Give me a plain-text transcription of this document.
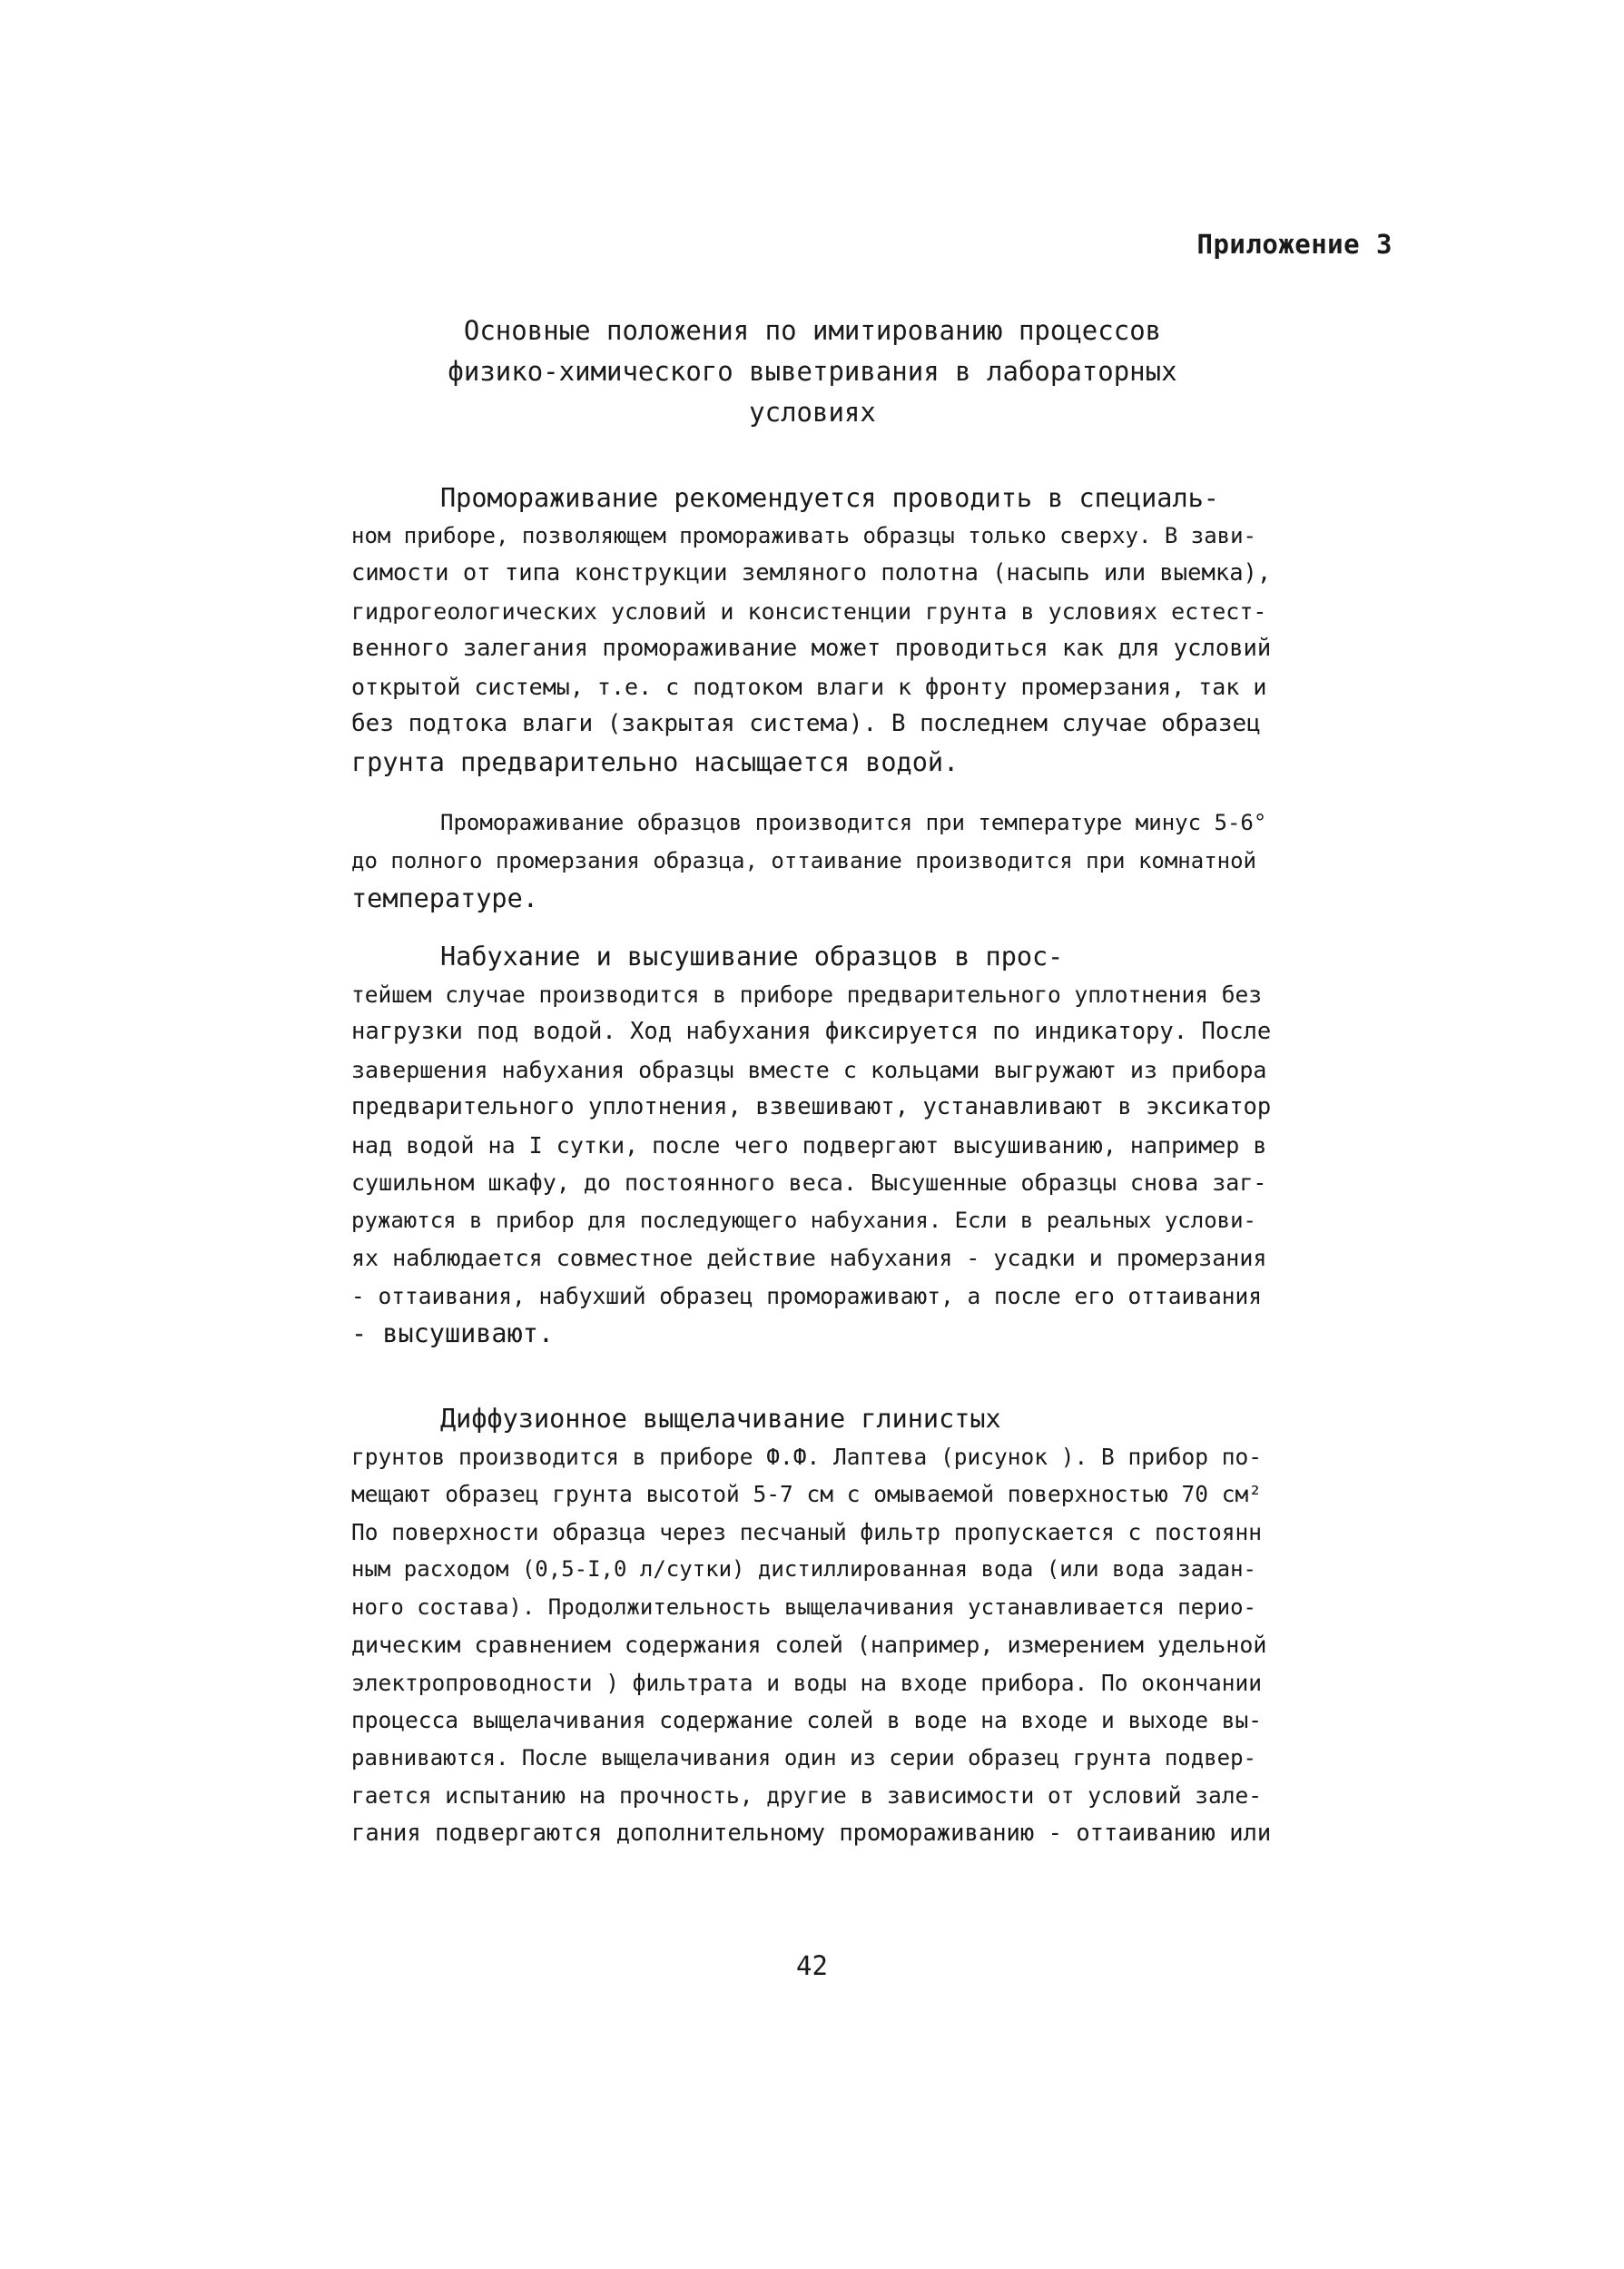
Приложение 3
Основные положения по имитированию процессов
физико-химического выветривания в лабораторных
условиях
Промораживание рекомендуется проводить в специаль-
ном приборе, позволяющем промораживать образцы только сверху. В зави-
симости от типа конструкции земляного полотна (насыпь или выемка),
гидрогеологических условий и консистенции грунта в условиях естест-
венного залегания промораживание может проводиться как для условий
открытой системы, т.е. с подтоком влаги к фронту промерзания, так и
без подтока влаги (закрытая система). В последнем случае образец
грунта предварительно насыщается водой.
Промораживание образцов производится при температуре минус 5-6°
до полного промерзания образца, оттаивание производится при комнатной
температуре.
Набухание и высушивание образцов в прос-
тейшем случае производится в приборе предварительного уплотнения без
нагрузки под водой. Ход набухания фиксируется по индикатору. После
завершения набухания образцы вместе с кольцами выгружают из прибора
предварительного уплотнения, взвешивают, устанавливают в эксикатор
над водой на I сутки, после чего подвергают высушиванию, например в
сушильном шкафу, до постоянного веса. Высушенные образцы снова заг-
ружаются в прибор для последующего набухания. Если в реальных услови-
ях наблюдается совместное действие набухания - усадки и промерзания
- оттаивания, набухший образец промораживают, а после его оттаивания
- высушивают.
Диффузионное выщелачивание глинистых
грунтов производится в приборе Ф.Ф. Лаптева (рисунок ). В прибор по-
мещают образец грунта высотой 5-7 см с омываемой поверхностью 70 см²
По поверхности образца через песчаный фильтр пропускается с постоянн
ным расходом (0,5-I,0 л/сутки) дистиллированная вода (или вода задан-
ного состава). Продолжительность выщелачивания устанавливается перио-
дическим сравнением содержания солей (например, измерением удельной
электропроводности ) фильтрата и воды на входе прибора. По окончании
процесса выщелачивания содержание солей в воде на входе и выходе вы-
равниваются. После выщелачивания один из серии образец грунта подвер-
гается испытанию на прочность, другие в зависимости от условий зале-
гания подвергаются дополнительному промораживанию - оттаиванию или
42
